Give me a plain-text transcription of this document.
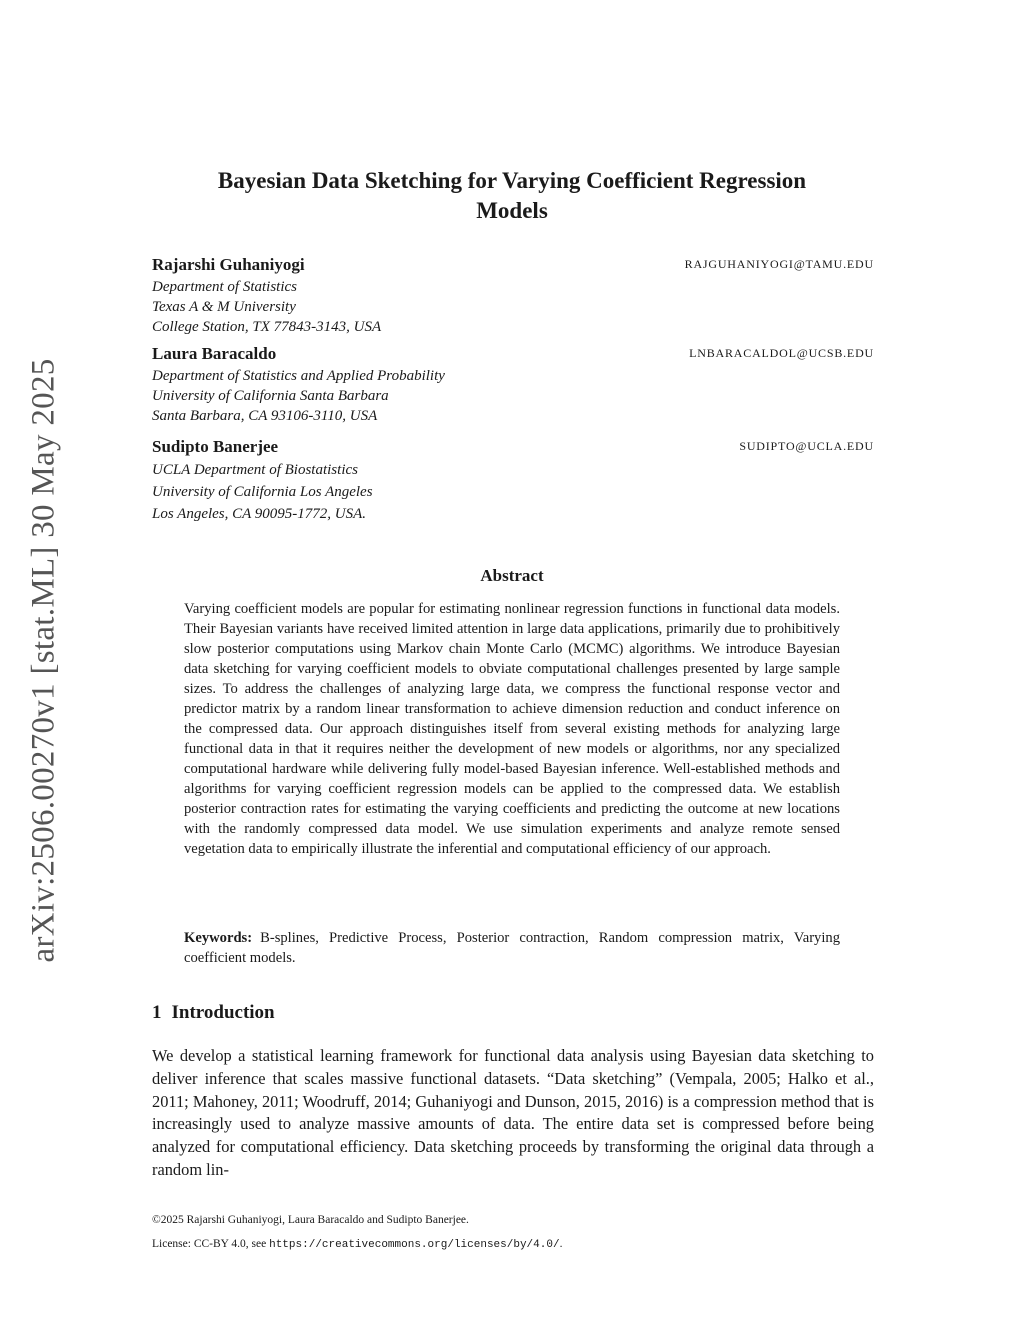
arXiv:2506.00270v1 [stat.ML] 30 May 2025
Bayesian Data Sketching for Varying Coefficient Regression
Models
Rajarshi Guhaniyogi	RAJGUHANIYOGI@TAMU.EDU
Department of Statistics
Texas A & M University
College Station, TX 77843-3143, USA
Laura Baracaldo	LNBARACALDOL@UCSB.EDU
Department of Statistics and Applied Probability
University of California Santa Barbara
Santa Barbara, CA 93106-3110, USA
Sudipto Banerjee	SUDIPTO@UCLA.EDU
UCLA Department of Biostatistics
University of California Los Angeles
Los Angeles, CA 90095-1772, USA.
Abstract
Varying coefficient models are popular for estimating nonlinear regression functions in functional data models. Their Bayesian variants have received limited attention in large data applications, primarily due to prohibitively slow posterior computations using Markov chain Monte Carlo (MCMC) algorithms. We introduce Bayesian data sketching for varying coefficient models to obviate computational challenges presented by large sample sizes. To address the challenges of analyzing large data, we compress the functional response vector and predictor matrix by a random linear transformation to achieve dimension reduction and conduct inference on the compressed data. Our approach distinguishes itself from several existing methods for analyzing large functional data in that it requires neither the development of new models or algorithms, nor any specialized computational hardware while delivering fully model-based Bayesian inference. Well-established methods and algorithms for varying coefficient regression models can be applied to the compressed data. We establish posterior contraction rates for estimating the varying coefficients and predicting the outcome at new locations with the randomly compressed data model. We use simulation experiments and analyze remote sensed vegetation data to empirically illustrate the inferential and computational efficiency of our approach.
Keywords: B-splines, Predictive Process, Posterior contraction, Random compression matrix, Varying coefficient models.
1 Introduction
We develop a statistical learning framework for functional data analysis using Bayesian data sketching to deliver inference that scales massive functional datasets. “Data sketching” (Vempala, 2005; Halko et al., 2011; Mahoney, 2011; Woodruff, 2014; Guhaniyogi and Dunson, 2015, 2016) is a compression method that is increasingly used to analyze massive amounts of data. The entire data set is compressed before being analyzed for computational efficiency. Data sketching proceeds by transforming the original data through a random lin-
©2025 Rajarshi Guhaniyogi, Laura Baracaldo and Sudipto Banerjee.
License: CC-BY 4.0, see https://creativecommons.org/licenses/by/4.0/.
